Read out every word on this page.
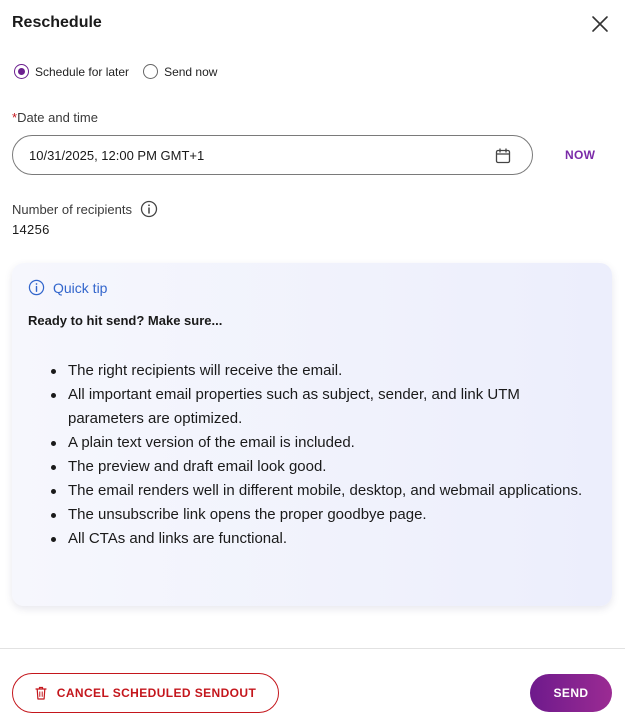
Reschedule
Schedule for later	Send now
*Date and time
10/31/2025, 12:00 PM GMT+1	NOW
Number of recipients
14256
Quick tip
Ready to hit send? Make sure...
The right recipients will receive the email.
All important email properties such as subject, sender, and link UTM parameters are optimized.
A plain text version of the email is included.
The preview and draft email look good.
The email renders well in different mobile, desktop, and webmail applications.
The unsubscribe link opens the proper goodbye page.
All CTAs and links are functional.
CANCEL SCHEDULED SENDOUT	SEND
